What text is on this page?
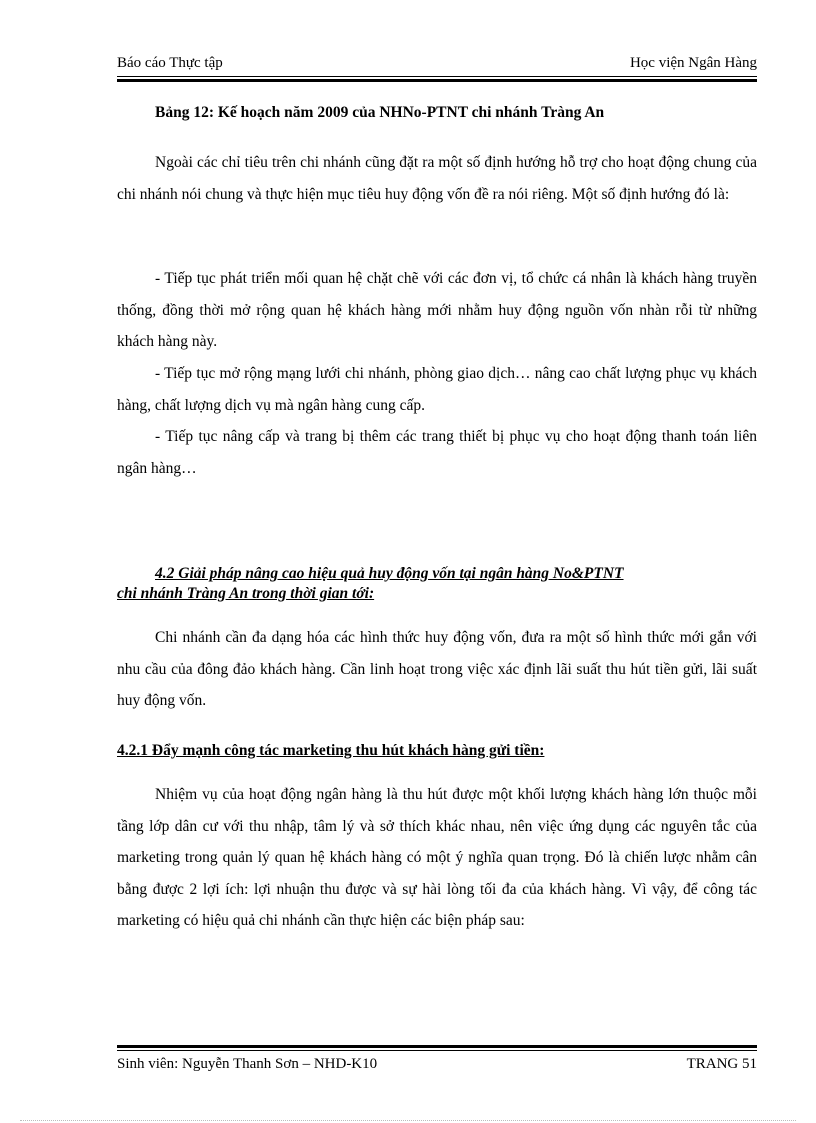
Báo cáo Thực tập	Học viện Ngân Hàng
Bảng 12: Kế hoạch năm 2009 của NHNo-PTNT chi nhánh Tràng An
Ngoài các chỉ tiêu trên chi nhánh cũng đặt ra một số định hướng hỗ trợ cho hoạt động chung của chi nhánh nói chung và thực hiện mục tiêu huy động vốn đề ra nói riêng. Một số định hướng đó là:
- Tiếp tục phát triển mối quan hệ chặt chẽ với các đơn vị, tổ chức cá nhân là khách hàng truyền thống, đồng thời mở rộng quan hệ khách hàng mới nhằm huy động nguồn vốn nhàn rỗi từ những khách hàng này.
- Tiếp tục mở rộng mạng lưới chi nhánh, phòng giao dịch… nâng cao chất lượng phục vụ khách hàng, chất lượng dịch vụ mà ngân hàng cung cấp.
- Tiếp tục nâng cấp và trang bị thêm các trang thiết bị phục vụ cho hoạt động thanh toán liên ngân hàng…
4.2 Giải pháp nâng cao hiệu quả huy động vốn tại ngân hàng No&PTNT
chi nhánh Tràng An trong thời gian tới:
Chi nhánh cần đa dạng hóa các hình thức huy động vốn, đưa ra một số hình thức mới gắn với nhu cầu của đông đảo khách hàng. Cần linh hoạt trong việc xác định lãi suất thu hút tiền gửi, lãi suất huy động vốn.
4.2.1 Đẩy mạnh công tác marketing thu hút khách hàng gửi tiền:
Nhiệm vụ của hoạt động ngân hàng là thu hút được một khối lượng khách hàng lớn thuộc mỗi tầng lớp dân cư với thu nhập, tâm lý và sở thích khác nhau, nên việc ứng dụng các nguyên tắc của marketing trong quản lý quan hệ khách hàng có một ý nghĩa quan trọng. Đó là chiến lược nhằm cân bằng được 2 lợi ích: lợi nhuận thu được và sự hài lòng tối đa của khách hàng. Vì vậy, để công tác marketing có hiệu quả chi nhánh cần thực hiện các biện pháp sau:
Sinh viên: Nguyễn Thanh Sơn – NHD-K10	TRANG 51
